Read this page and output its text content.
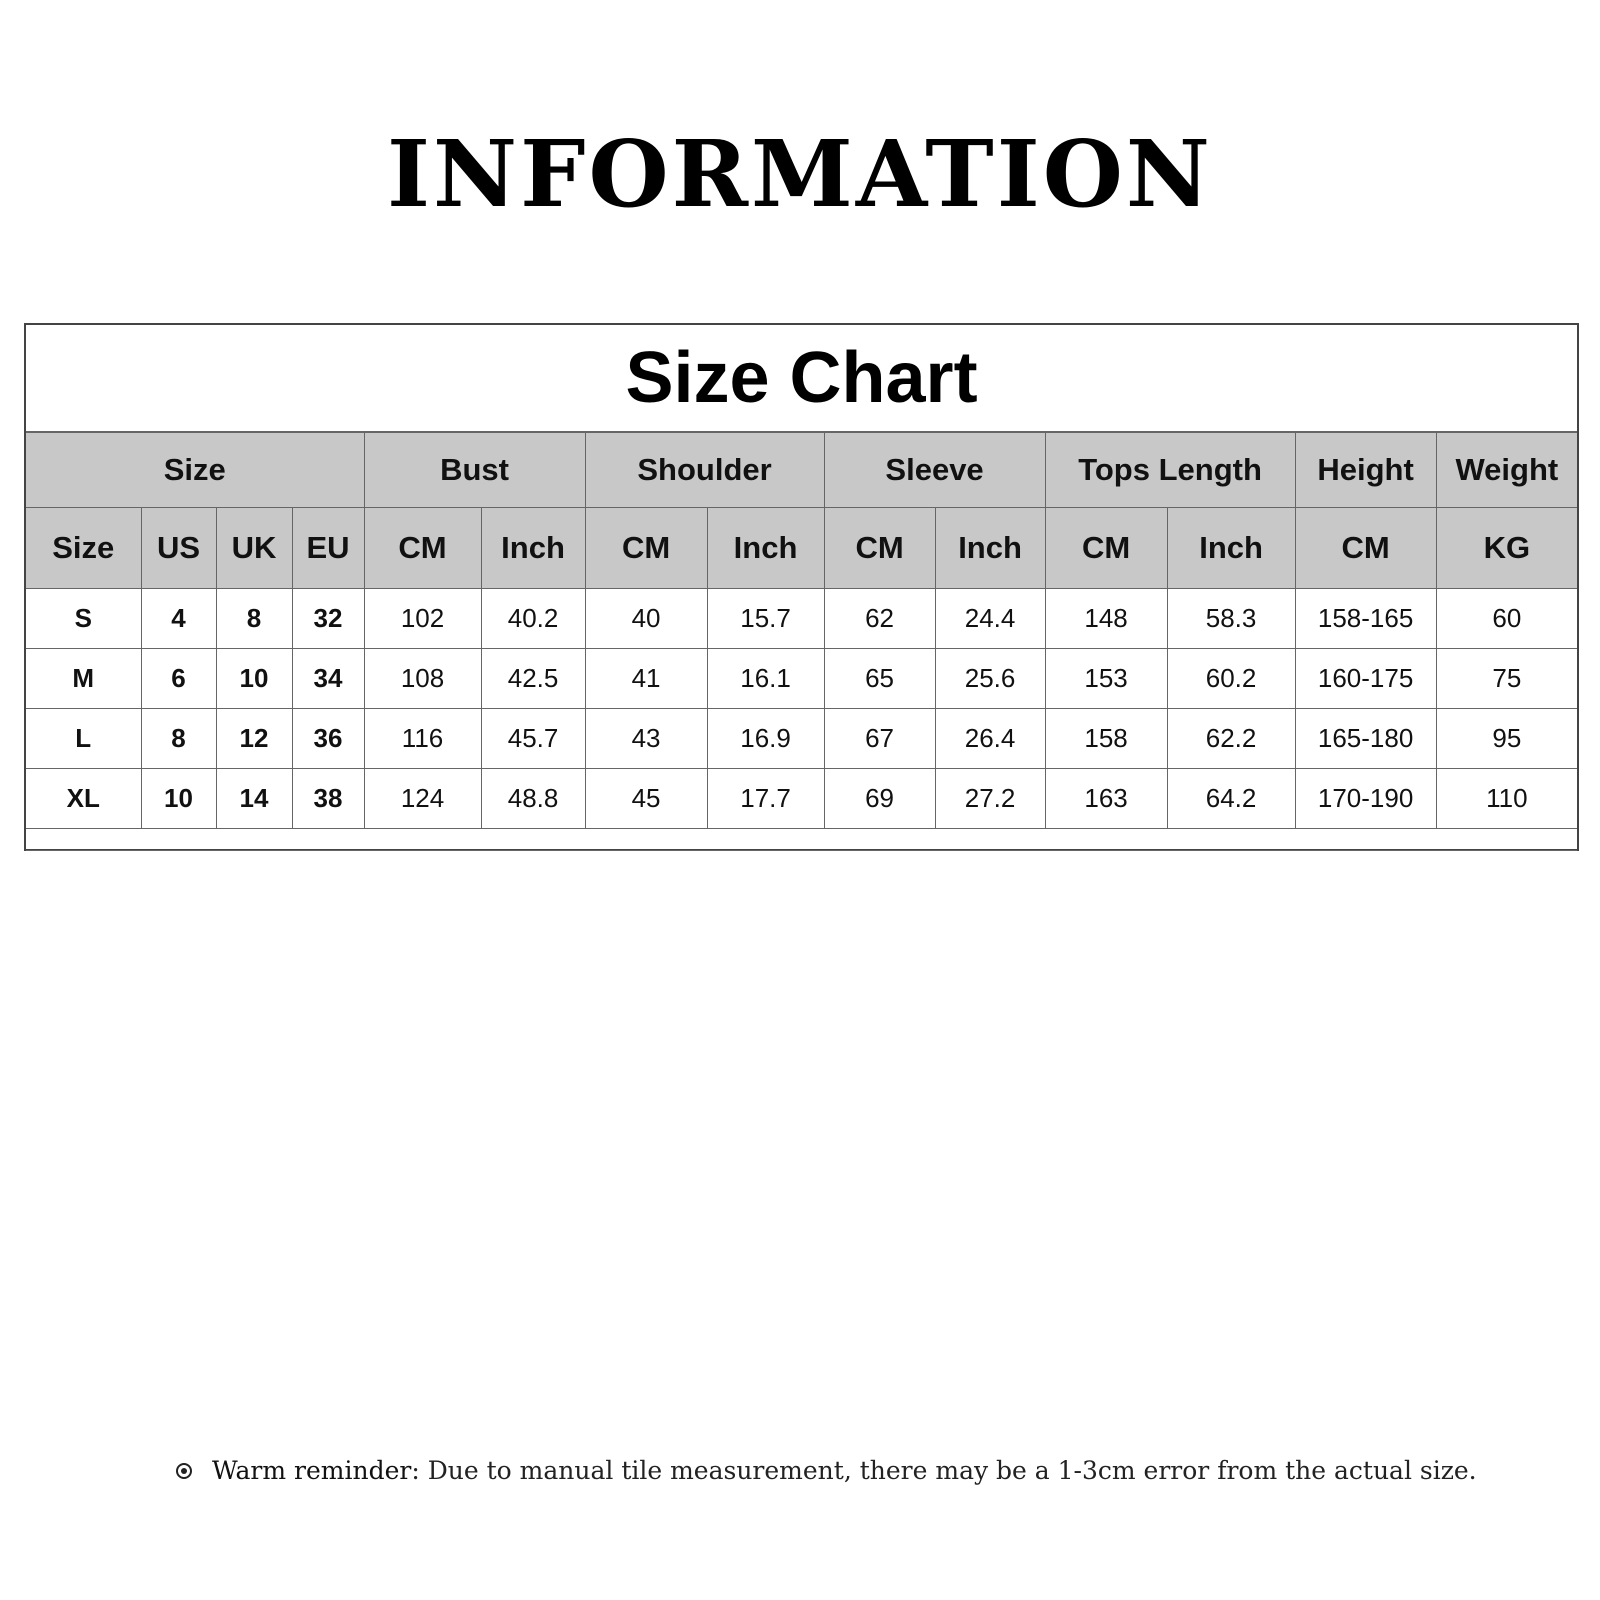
INFORMATION
Size Chart
Size				Bust		Shoulder		Sleeve		Tops Length		Height	Weight
Size	US	UK	EU	CM	Inch	CM	Inch	CM	Inch	CM	Inch	CM	KG
S	4	8	32	102	40.2	40	15.7	62	24.4	148	58.3	158-165	60
M	6	10	34	108	42.5	41	16.1	65	25.6	153	60.2	160-175	75
L	8	12	36	116	45.7	43	16.9	67	26.4	158	62.2	165-180	95
XL	10	14	38	124	48.8	45	17.7	69	27.2	163	64.2	170-190	110

Warm reminder : Due to manual tile measurement, there may be a 1-3cm error from the actual size.
